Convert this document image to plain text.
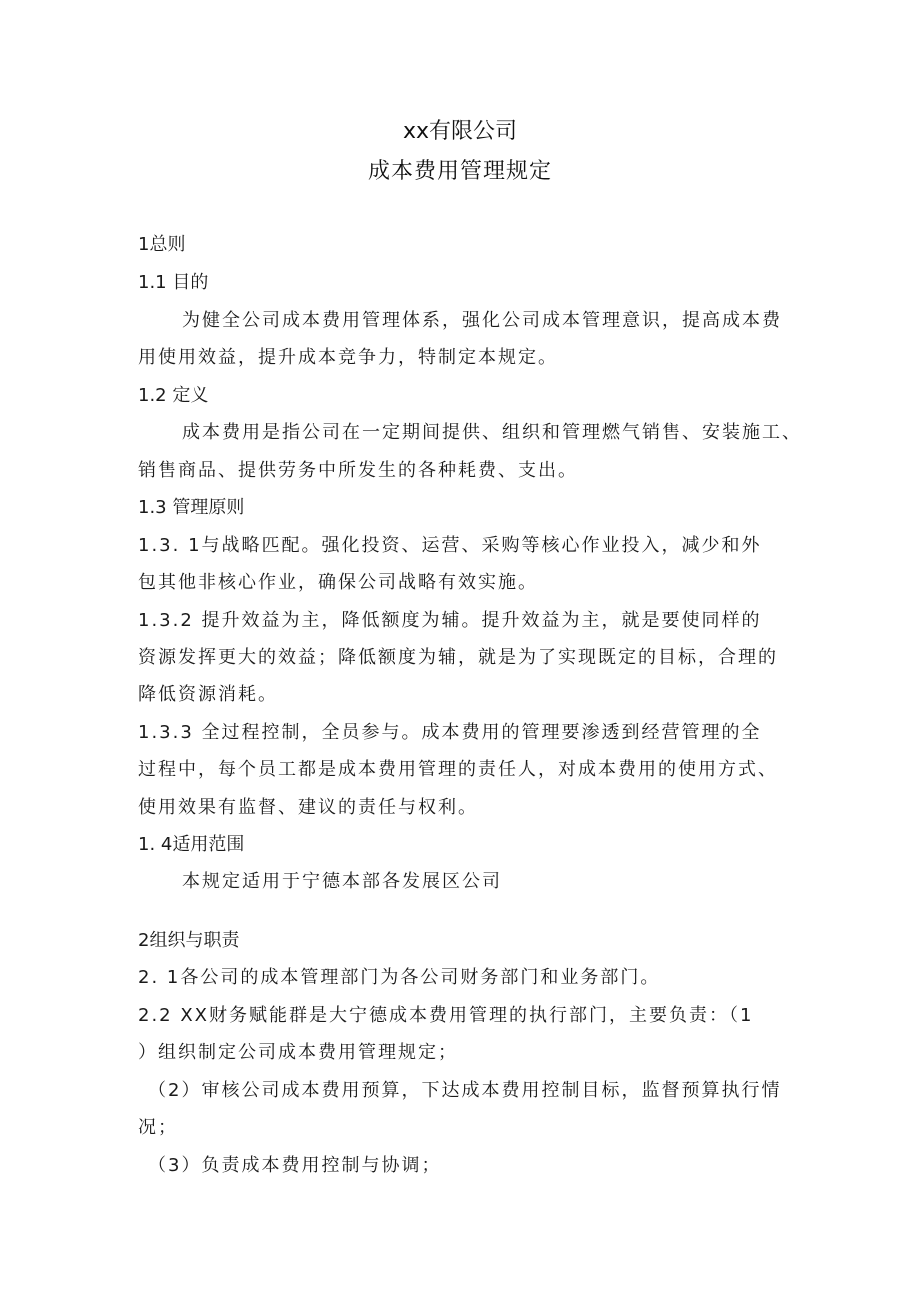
xx有限公司
成本费用管理规定
1总则
1.1 目的
为健全公司成本费用管理体系，强化公司成本管理意识，提高成本费
用使用效益，提升成本竞争力，特制定本规定。
1.2 定义
成本费用是指公司在一定期间提供、组织和管理燃气销售、安装施工、
销售商品、提供劳务中所发生的各种耗费、支出。
1.3 管理原则
1.3. 1与战略匹配。强化投资、运营、采购等核心作业投入，减少和外
包其他非核心作业，确保公司战略有效实施。
1.3.2 提升效益为主，降低额度为辅。提升效益为主，就是要使同样的
资源发挥更大的效益；降低额度为辅，就是为了实现既定的目标，合理的
降低资源消耗。
1.3.3 全过程控制，全员参与。成本费用的管理要渗透到经营管理的全
过程中，每个员工都是成本费用管理的责任人，对成本费用的使用方式、
使用效果有监督、建议的责任与权利。
1. 4适用范围
本规定适用于宁德本部各发展区公司
2组织与职责
2. 1各公司的成本管理部门为各公司财务部门和业务部门。
2.2 XX财务赋能群是大宁德成本费用管理的执行部门，主要负责：（1
）组织制定公司成本费用管理规定；
（2）审核公司成本费用预算，下达成本费用控制目标，监督预算执行情
况；
（3）负责成本费用控制与协调；
